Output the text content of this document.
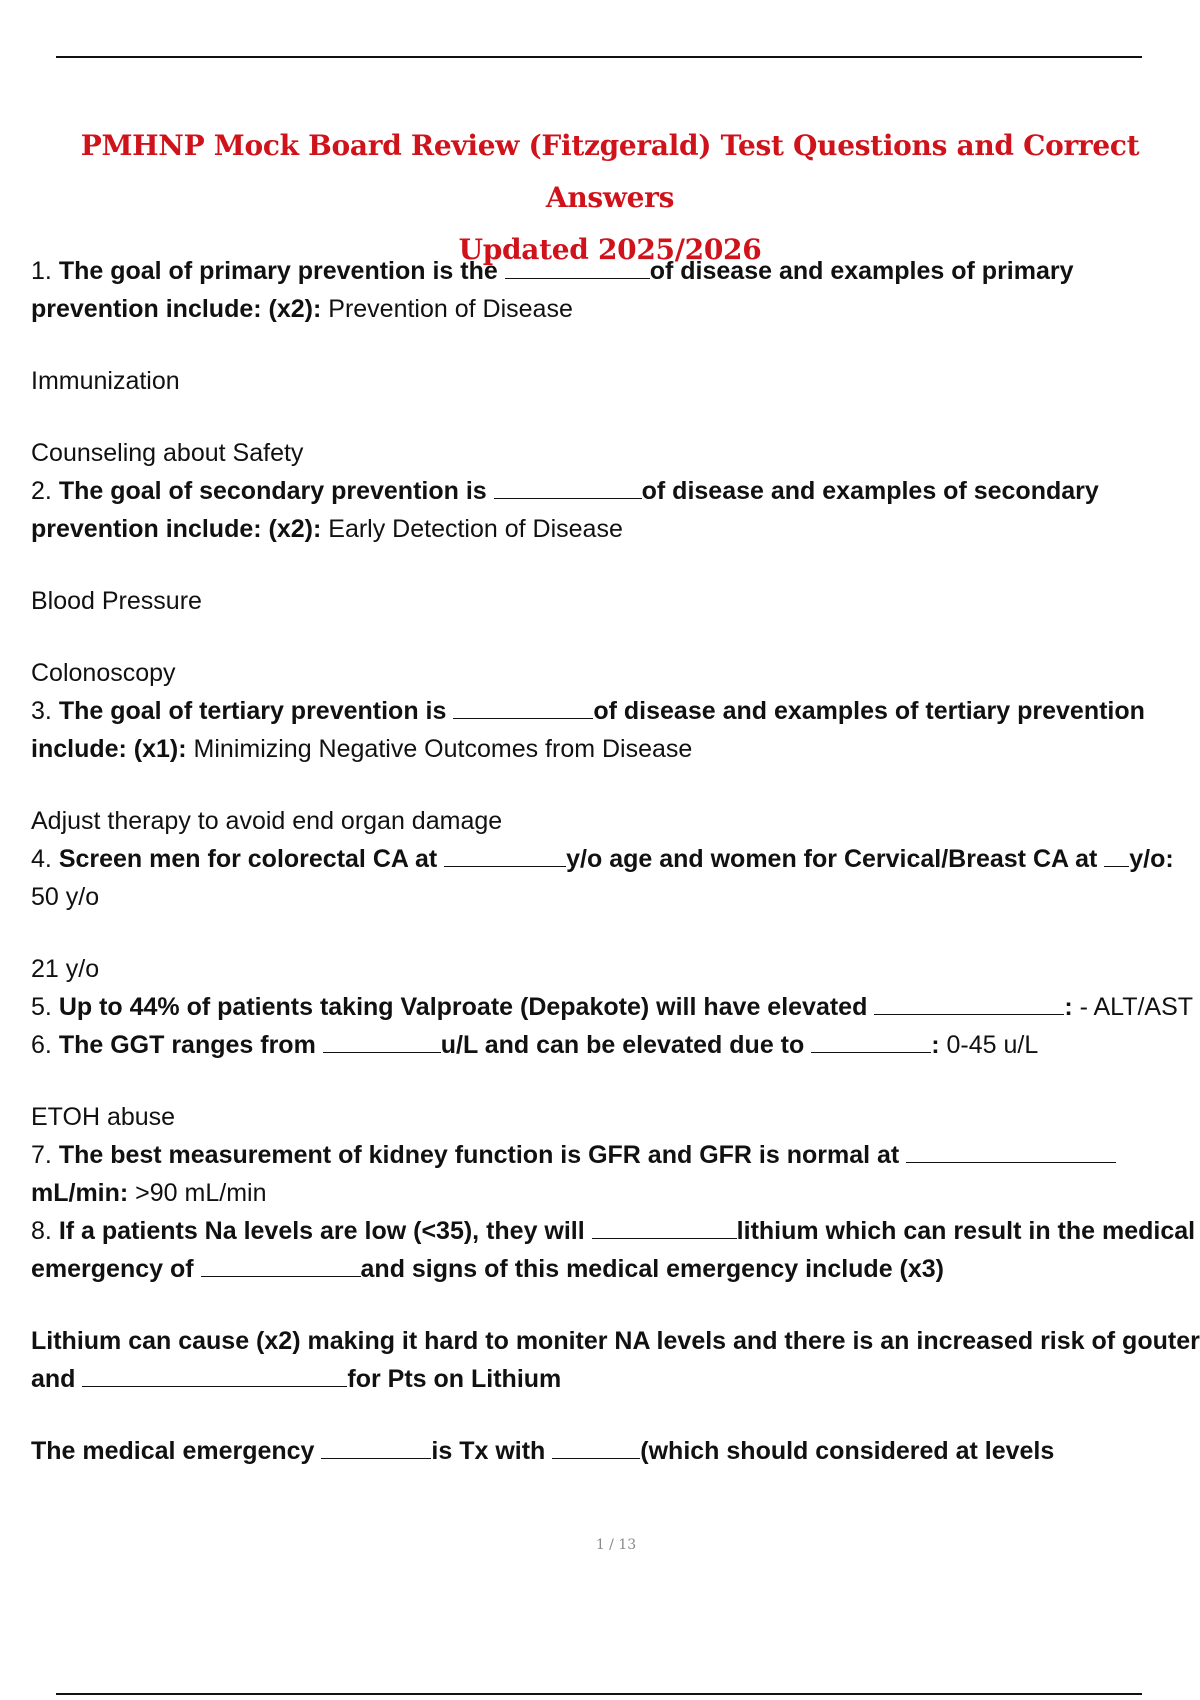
PMHNP Mock Board Review (Fitzgerald) Test Questions and Correct Answers
Updated 2025/2026

1. The goal of primary prevention is the	of disease and examples of primary prevention include: (x2): Prevention of Disease

Immunization

Counseling about Safety

2. The goal of secondary prevention is	of disease and examples of secondary prevention include: (x2): Early Detection of Disease

Blood Pressure

Colonoscopy

3. The goal of tertiary prevention is	of disease and examples of tertiary prevention include: (x1): Minimizing Negative Outcomes from Disease

Adjust therapy to avoid end organ damage

4. Screen men for colorectal CA at	y/o age and women for Cervical/Breast CA at y/o: 50 y/o

21 y/o

5. Up to 44% of patients taking Valproate (Depakote) will have elevated	: - ALT/AST

6. The GGT ranges from	u/L and can be elevated due to	: 0-45 u/L

ETOH abuse

7. The best measurement of kidney function is GFR and GFR is normal at  mL/min: >90 mL/min

8. If a patients Na levels are low (<35), they will	lithium which can result in the medical emergency of	and signs of this medical emergency include (x3)

Lithium can cause (x2) making it hard to moniter NA levels and there is an increased risk of gouter and	for Pts on Lithium

The medical emergency	is Tx with	(which should considered at levels

1 / 13
